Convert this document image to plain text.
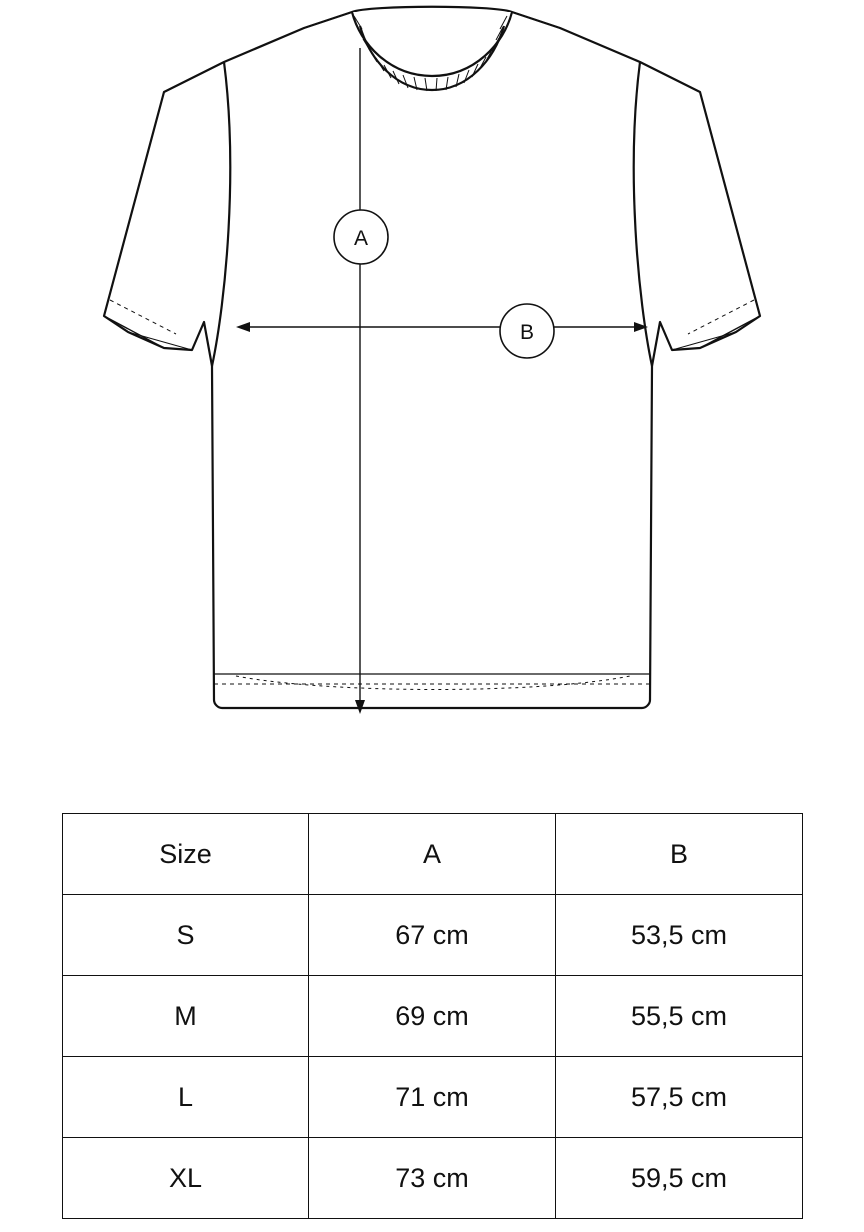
A
B
Size	A	B
S	67 cm	53,5 cm
M	69 cm	55,5 cm
L	71 cm	57,5 cm
XL	73 cm	59,5 cm
